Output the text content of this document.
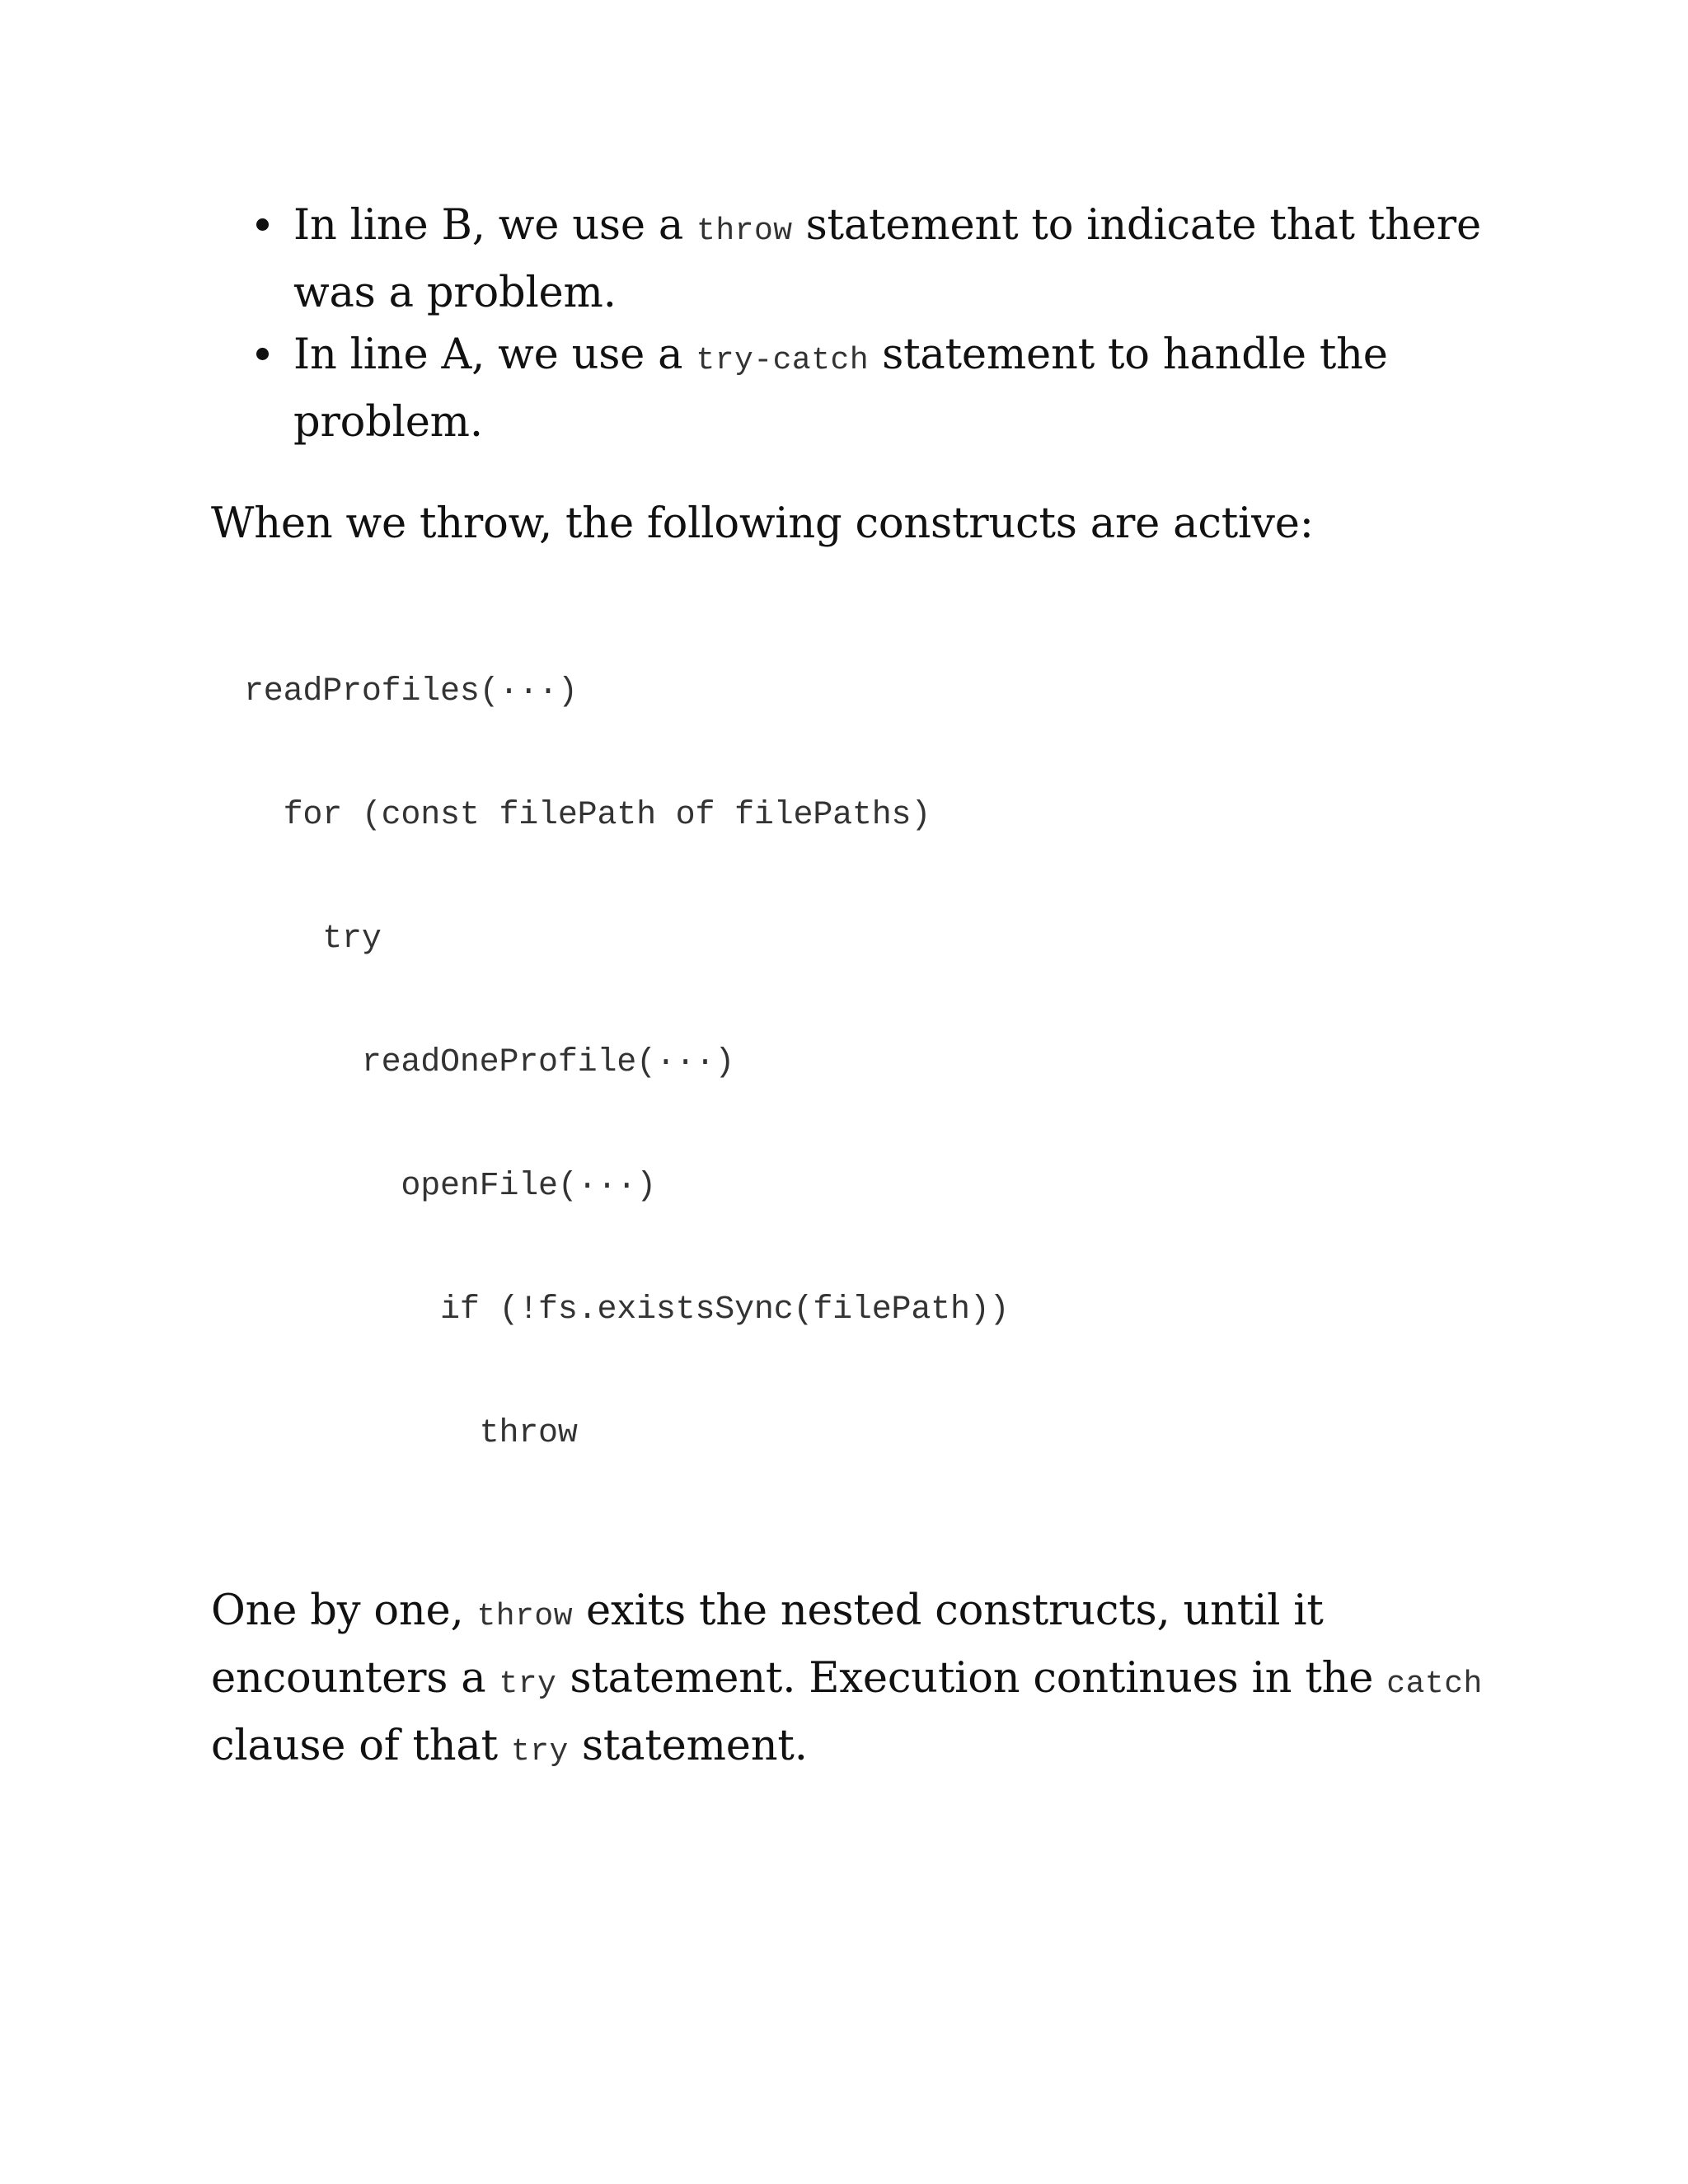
In line B, we use a throw statement to indicate that there was a problem.
In line A, we use a try-catch statement to handle the problem.

When we throw, the following constructs are active:

readProfiles(···)

for (const filePath of filePaths)

try

readOneProfile(···)

openFile(···)

if (!fs.existsSync(filePath))

throw

One by one, throw exits the nested constructs, until it encounters a try statement. Execution continues in the catch clause of that try statement.
